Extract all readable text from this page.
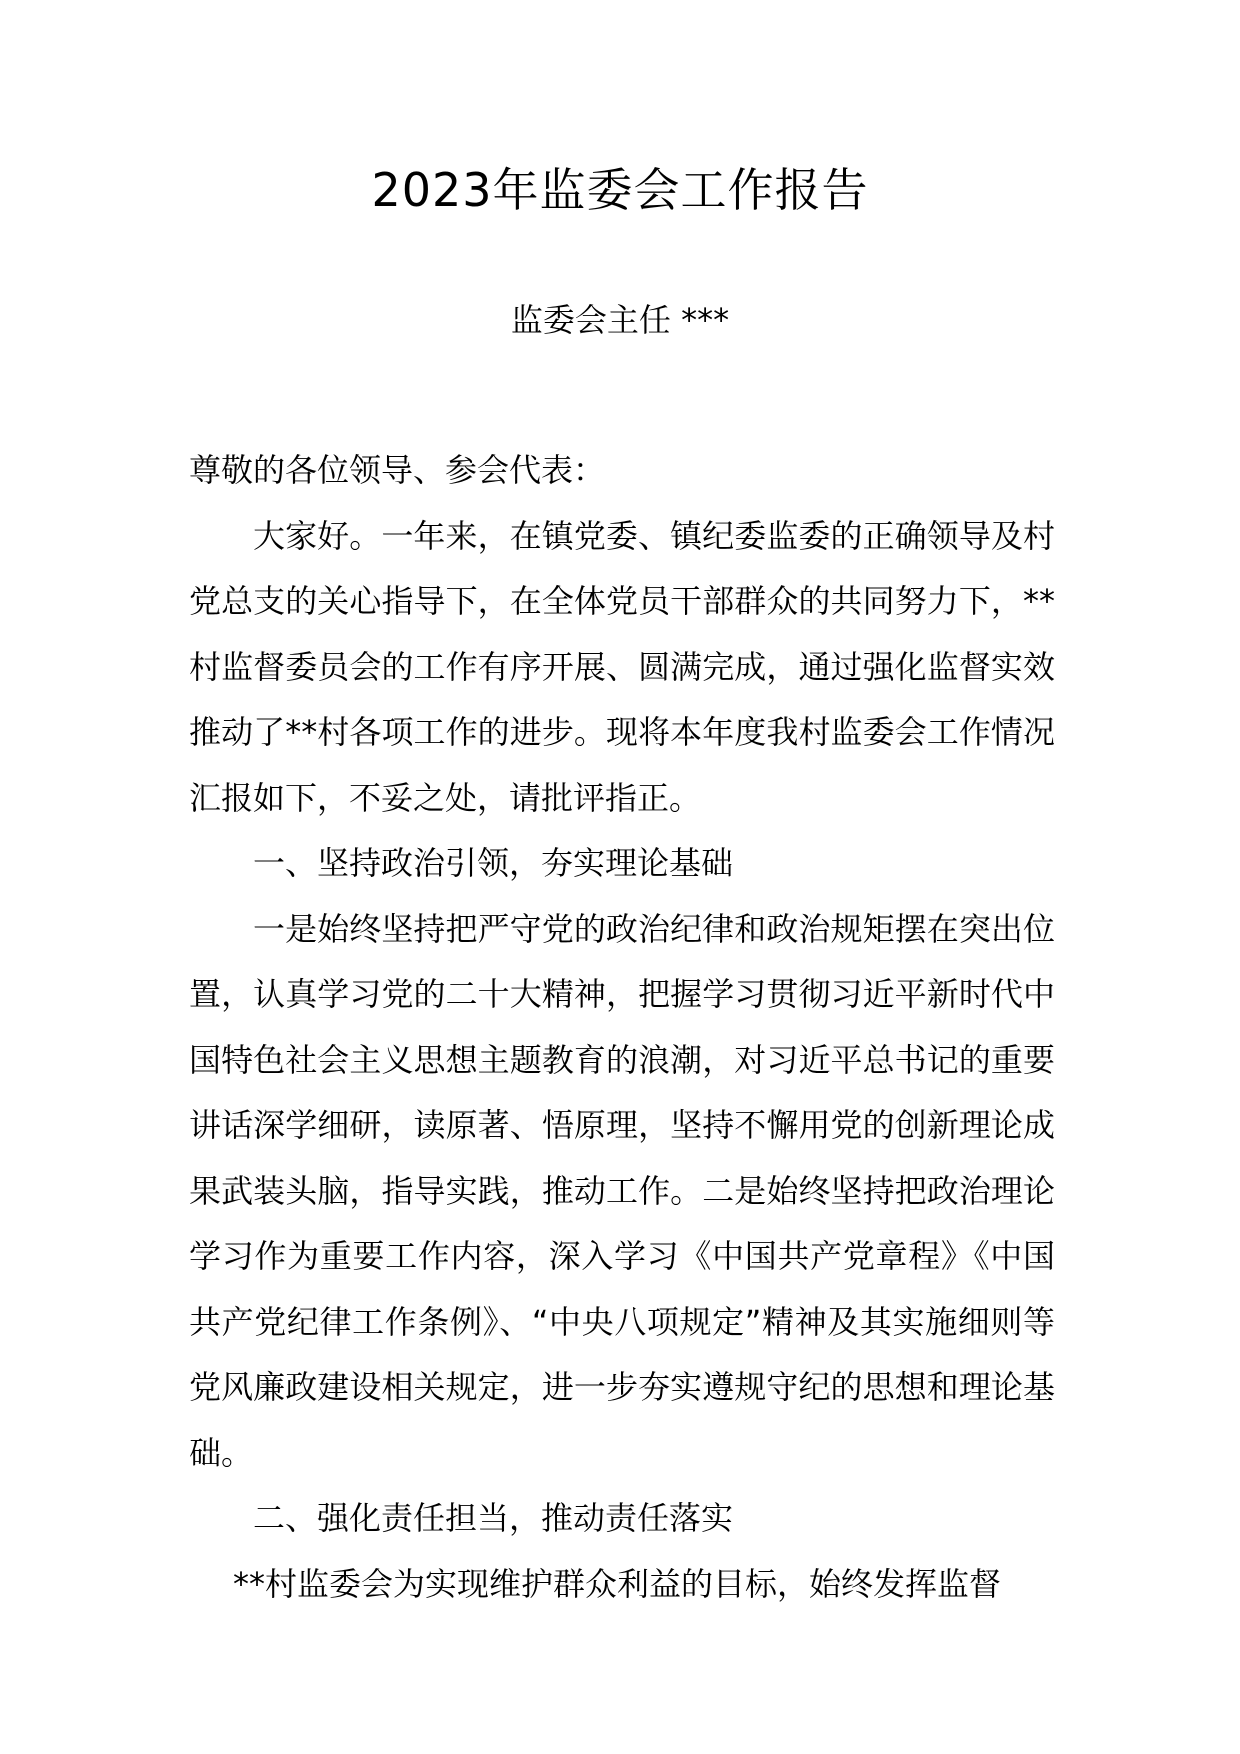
2023年监委会工作报告
监委会主任 ***

尊敬的各位领导、参会代表：

大家好。一年来，在镇党委、镇纪委监委的正确领导及村党总支的关心指导下，在全体党员干部群众的共同努力下，**村监督委员会的工作有序开展、圆满完成，通过强化监督实效推动了**村各项工作的进步。现将本年度我村监委会工作情况汇报如下，不妥之处，请批评指正。

一、坚持政治引领，夯实理论基础

一是始终坚持把严守党的政治纪律和政治规矩摆在突出位置，认真学习党的二十大精神，把握学习贯彻习近平新时代中国特色社会主义思想主题教育的浪潮，对习近平总书记的重要讲话深学细研，读原著、悟原理，坚持不懈用党的创新理论成果武装头脑，指导实践，推动工作。二是始终坚持把政治理论学习作为重要工作内容，深入学习《中国共产党章程》《中国共产党纪律工作条例》、“中央八项规定”精神及其实施细则等党风廉政建设相关规定，进一步夯实遵规守纪的思想和理论基础。

二、强化责任担当，推动责任落实

**村监委会为实现维护群众利益的目标，始终发挥监督
